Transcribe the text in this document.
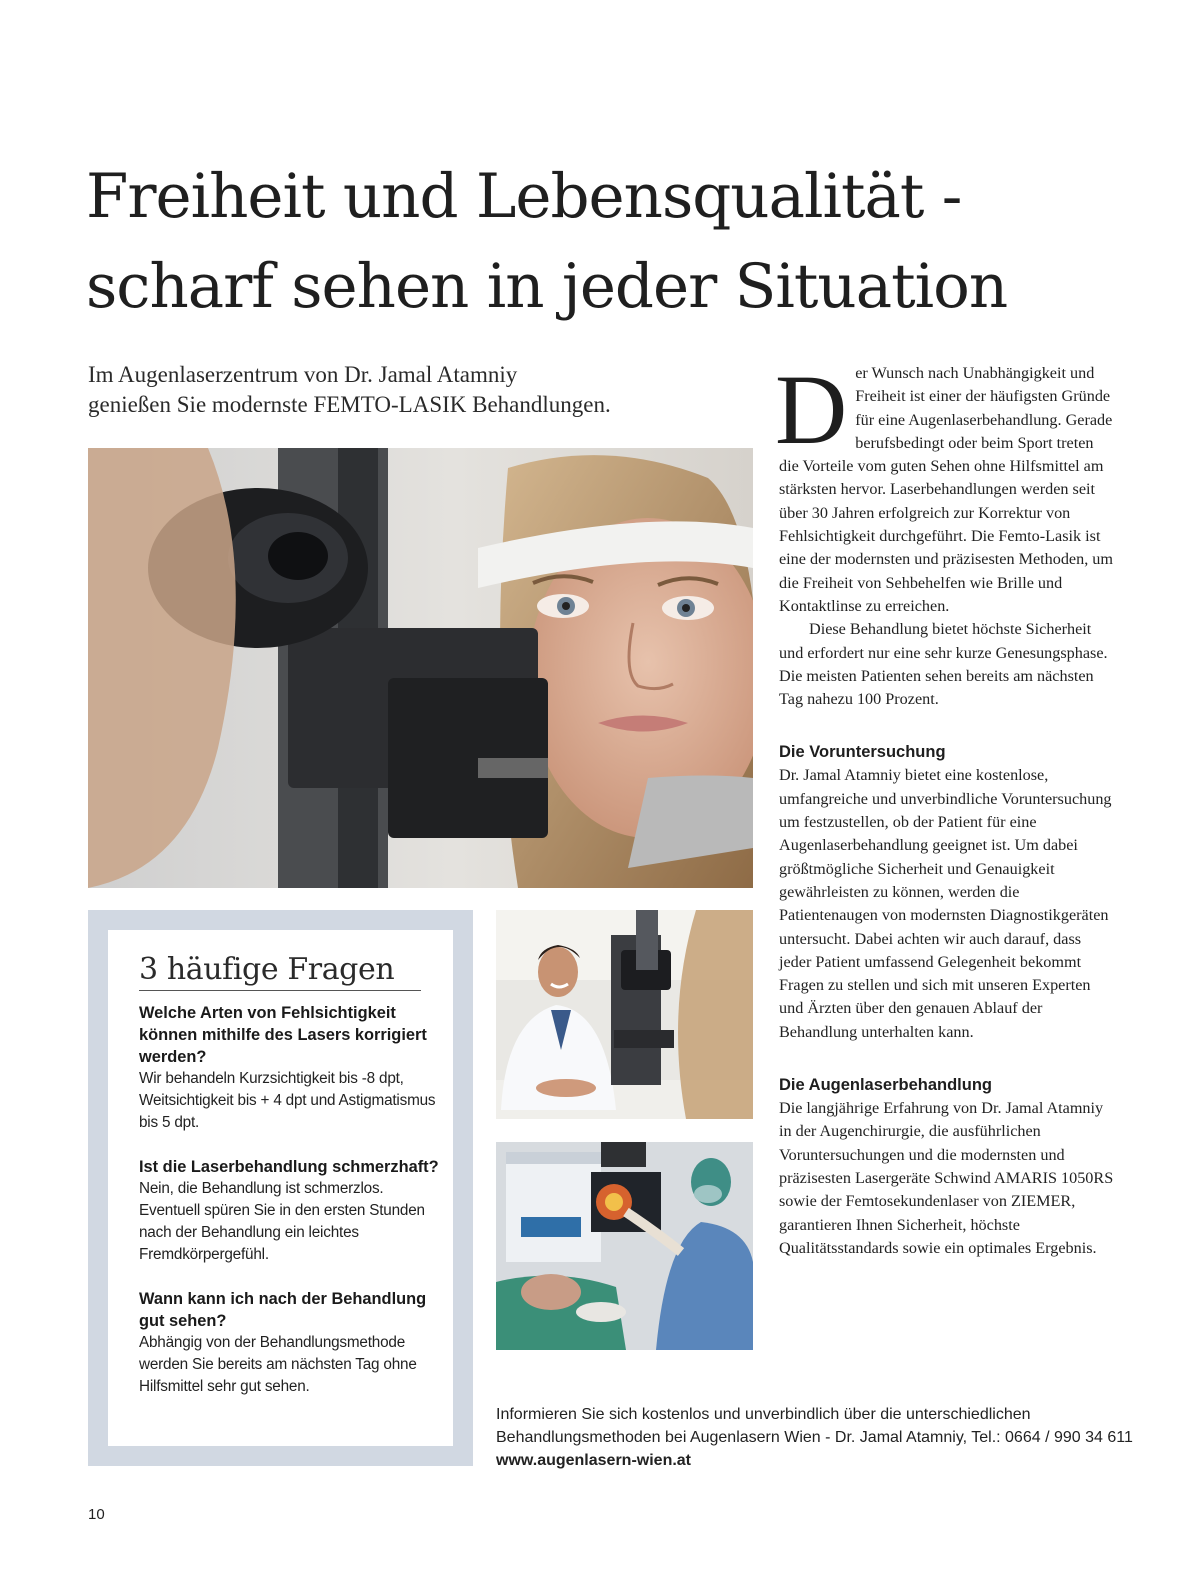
Freiheit und Lebensqualität -
scharf sehen in jeder Situation

Im Augenlaserzentrum von Dr. Jamal Atamniy
genießen Sie modernste FEMTO-LASIK Behandlungen.

3 häufige Fragen
Welche Arten von Fehlsichtigkeit können mithilfe des Lasers korrigiert werden?
Wir behandeln Kurzsichtigkeit bis -8 dpt, Weitsichtigkeit bis + 4 dpt und Astigmatismus bis 5 dpt.
Ist die Laserbehandlung schmerzhaft?
Nein, die Behandlung ist schmerzlos. Eventuell spüren Sie in den ersten Stunden nach der Behandlung ein leichtes Fremdkörpergefühl.
Wann kann ich nach der Behandlung gut sehen?
Abhängig von der Behandlungsmethode werden Sie bereits am nächsten Tag ohne Hilfsmittel sehr gut sehen.

Der Wunsch nach Unabhängigkeit und Freiheit ist einer der häufigsten Gründe für eine Augenlaserbehandlung. Gerade berufsbedingt oder beim Sport treten die Vorteile vom guten Sehen ohne Hilfsmittel am stärksten hervor. Laserbehandlungen werden seit über 30 Jahren erfolgreich zur Korrektur von Fehlsichtigkeit durchgeführt. Die Femto-Lasik ist eine der modernsten und präzisesten Methoden, um die Freiheit von Sehbehelfen wie Brille und Kontaktlinse zu erreichen.

Diese Behandlung bietet höchste Sicherheit und erfordert nur eine sehr kurze Genesungsphase. Die meisten Patienten sehen bereits am nächsten Tag nahezu 100 Prozent.

Die Voruntersuchung

Dr. Jamal Atamniy bietet eine kostenlose, umfangreiche und unverbindliche Voruntersuchung um festzustellen, ob der Patient für eine Augenlaserbehandlung geeignet ist. Um dabei größtmögliche Sicherheit und Genauigkeit gewährleisten zu können, werden die Patientenaugen von modernsten Diagnostikgeräten untersucht. Dabei achten wir auch darauf, dass jeder Patient umfassend Gelegenheit bekommt Fragen zu stellen und sich mit unseren Experten und Ärzten über den genauen Ablauf der Behandlung unterhalten kann.

Die Augenlaserbehandlung

Die langjährige Erfahrung von Dr. Jamal Atamniy in der Augenchirurgie, die ausführlichen Voruntersuchungen und die modernsten und präzisesten Lasergeräte Schwind AMARIS 1050RS sowie der Femtosekundenlaser von ZIEMER, garantieren Ihnen Sicherheit, höchste Qualitätsstandards sowie ein optimales Ergebnis.

Informieren Sie sich kostenlos und unverbindlich über die unterschiedlichen
Behandlungsmethoden bei Augenlasern Wien - Dr. Jamal Atamniy, Tel.: 0664 / 990 34 611
www.augenlasern-wien.at
10
